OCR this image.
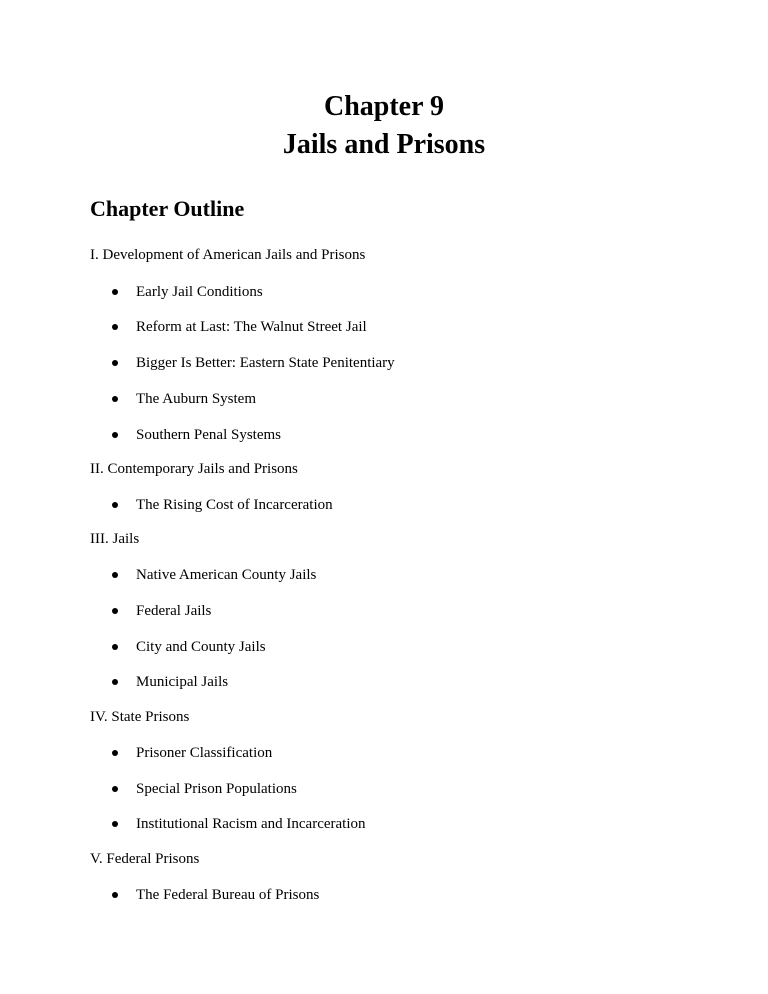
Chapter 9
Jails and Prisons
Chapter Outline
I. Development of American Jails and Prisons
Early Jail Conditions
Reform at Last: The Walnut Street Jail
Bigger Is Better: Eastern State Penitentiary
The Auburn System
Southern Penal Systems
II. Contemporary Jails and Prisons
The Rising Cost of Incarceration
III. Jails
Native American County Jails
Federal Jails
City and County Jails
Municipal Jails
IV. State Prisons
Prisoner Classification
Special Prison Populations
Institutional Racism and Incarceration
V. Federal Prisons
The Federal Bureau of Prisons
